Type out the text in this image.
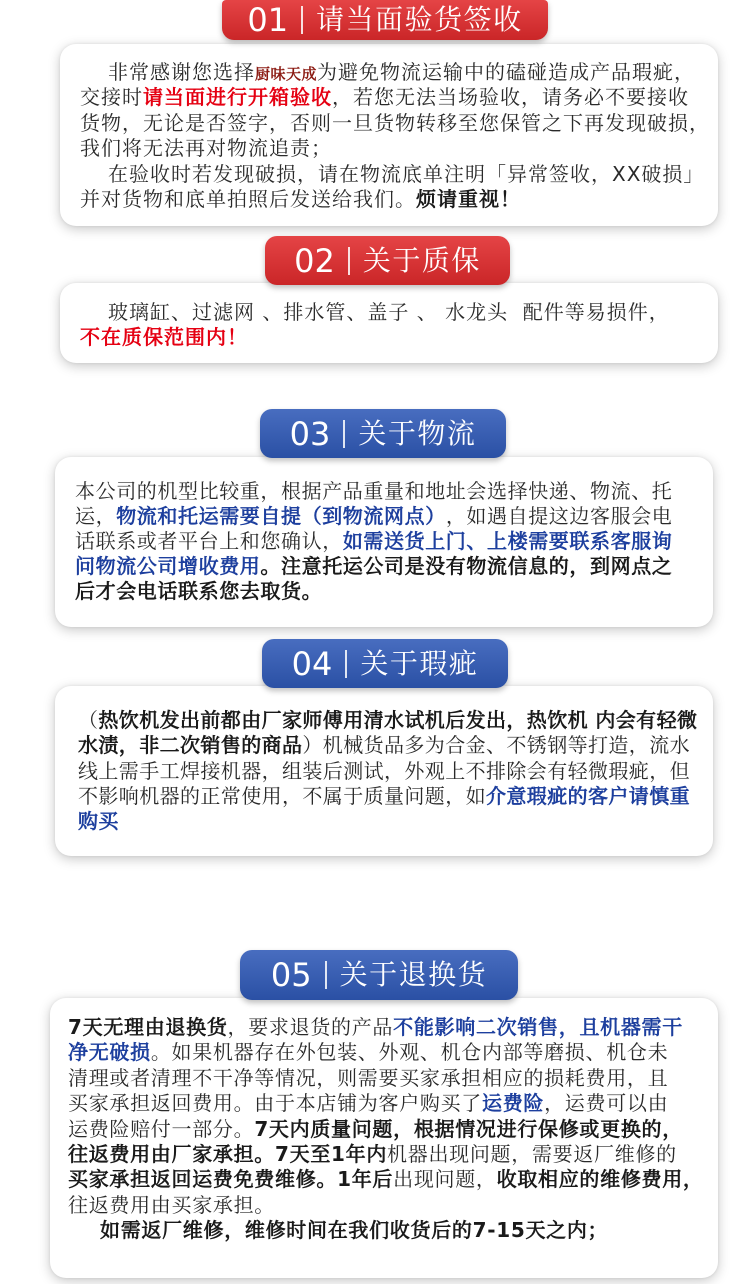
非常感谢您选择 厨味天成 为避免物流运输中的磕碰造成产品瑕疵，
交接时 请当面进行开箱验收 ，若您无法当场验收，请务必不要接收
货物，无论是否签字，否则一旦货物转移至您保管之下再发现破损，
我们将无法再对物流追责；
在验收时若发现破损，请在物流底单注明「异常签收，XX破损」
并对货物和底单拍照后发送给我们。 烦请重视！
01 请当面验货签收
玻璃缸、过滤网 、排水管、盖子 、 水龙头  配件等易损件，
不在质保范围内！
02 关于质保
本公司的机型比较重，根据产品重量和地址会选择快递、物流、托
运， 物流和托运需要自提（到物流网点） ，如遇自提这边客服会电
话联系或者平台上和您确认， 如需送货上门、上楼需要联系客服询
问物流公司增收费用 。注意托运公司是没有物流信息的，到网点之
后才会电话联系您去取货。
03 关于物流
（ 热饮机发出前都由厂家师傅用清水试机后发出，热饮机 内会有轻微
水渍，非二次销售的商品 ）机械货品多为合金、不锈钢等打造，流水
线上需手工焊接机器，组装后测试，外观上不排除会有轻微瑕疵，但
不影响机器的正常使用，不属于质量问题，如 介意瑕疵的客户请慎重
购买
04 关于瑕疵
7天无理由退换货 ，要求退货的产品 不能影响二次销售，且机器需干
净无破损 。如果机器存在外包装、外观、机仓内部等磨损、机仓未
清理或者清理不干净等情况，则需要买家承担相应的损耗费用，且
买家承担返回费用。由于本店铺为客户购买了 运费险 ，运费可以由
运费险赔付一部分。 7天内质量问题，根据情况进行保修或更换的，
往返费用由厂家承担。7天至1年内 机器出现问题，需要返厂维修的
买家承担返回运费免费维修。1年后 出现问题， 收取相应的维修费用，
往返费用由买家承担。
如需返厂维修，维修时间在我们收货后的7-15天之内；
05 关于退换货
